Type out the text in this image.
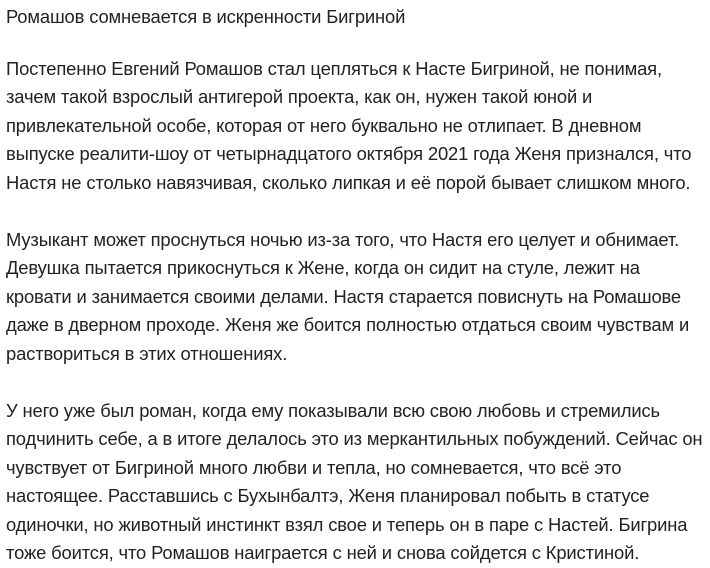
Ромашов сомневается в искренности Бигриной

Постепенно Евгений Ромашов стал цепляться к Насте Бигриной, не понимая,
зачем такой взрослый антигерой проекта, как он, нужен такой юной и
привлекательной особе, которая от него буквально не отлипает. В дневном
выпуске реалити-шоу от четырнадцатого октября 2021 года Женя признался, что
Настя не столько навязчивая, сколько липкая и её порой бывает слишком много.

Музыкант может проснуться ночью из-за того, что Настя его целует и обнимает.
Девушка пытается прикоснуться к Жене, когда он сидит на стуле, лежит на
кровати и занимается своими делами. Настя старается повиснуть на Ромашове
даже в дверном проходе. Женя же боится полностью отдаться своим чувствам и
раствориться в этих отношениях.

У него уже был роман, когда ему показывали всю свою любовь и стремились
подчинить себе, а в итоге делалось это из меркантильных побуждений. Сейчас он
чувствует от Бигриной много любви и тепла, но сомневается, что всё это
настоящее. Расставшись с Бухынбалтэ, Женя планировал побыть в статусе
одиночки, но животный инстинкт взял свое и теперь он в паре с Настей. Бигрина
тоже боится, что Ромашов наиграется с ней и снова сойдется с Кристиной.
